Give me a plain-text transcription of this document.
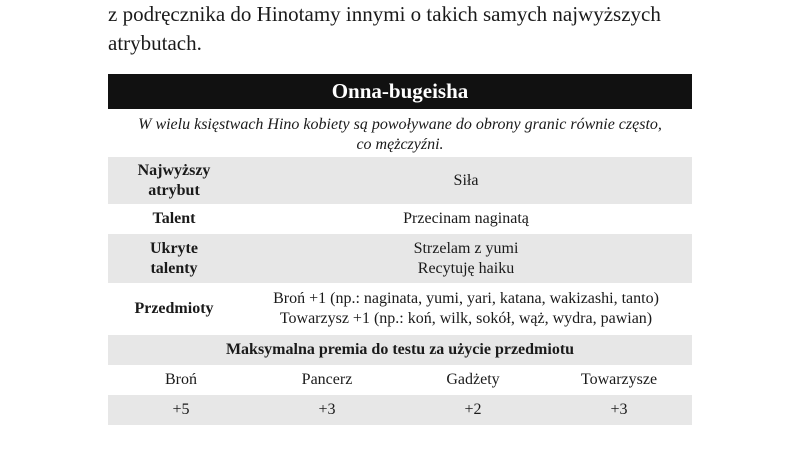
z podręcznika do Hinotamy innymi o takich samych najwyższych
atrybutach.

Onna-bugeisha
W wielu księstwach Hino kobiety są powoływane do obrony granic równie często,
co mężczyźni.
Najwyższy
atrybut	Siła
Talent	Przecinam naginatą

Ukryte
talenty	Strzelam z yumi
Recytuję haiku

Przedmioty	Broń +1 (np.: naginata, yumi, yari, katana, wakizashi, tanto)
Towarzysz +1 (np.: koń, wilk, sokół, wąż, wydra, pawian)
Maksymalna premia do testu za użycie przedmiotu			
Broń	Pancerz	Gadżety	Towarzysze
+5	+3	+2	+3
